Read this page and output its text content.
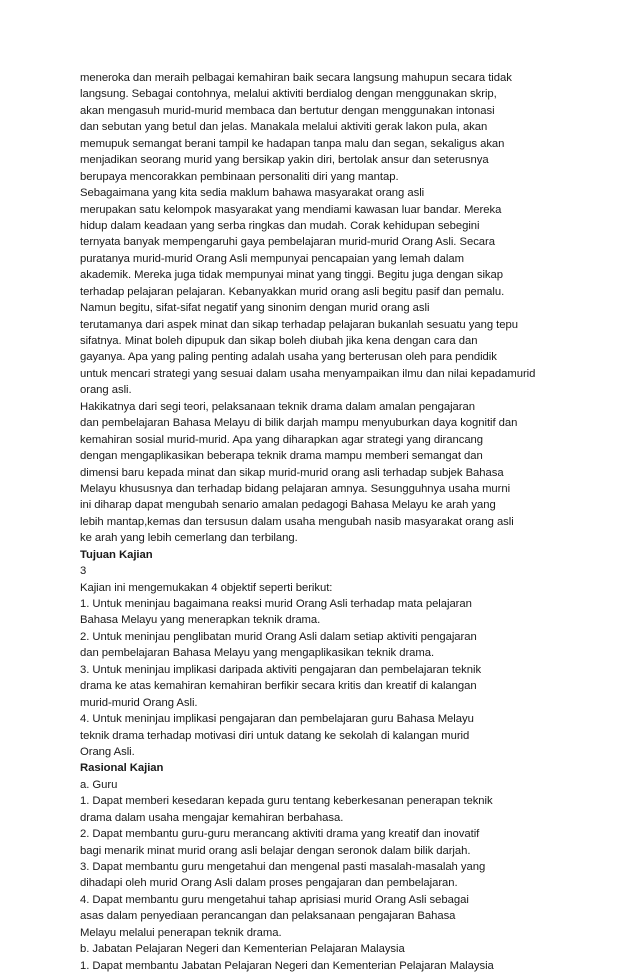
meneroka dan meraih pelbagai kemahiran baik secara langsung mahupun secara tidak
langsung. Sebagai contohnya, melalui aktiviti berdialog dengan menggunakan skrip,
akan mengasuh murid-murid membaca dan bertutur dengan menggunakan intonasi
dan sebutan yang betul dan jelas. Manakala melalui aktiviti gerak lakon pula, akan
memupuk semangat berani tampil ke hadapan tanpa malu dan segan, sekaligus akan
menjadikan seorang murid yang bersikap yakin diri, bertolak ansur dan seterusnya
berupaya mencorakkan pembinaan personaliti diri yang mantap.
Sebagaimana yang kita sedia maklum bahawa masyarakat orang asli
merupakan satu kelompok masyarakat yang mendiami kawasan luar bandar. Mereka
hidup dalam keadaan yang serba ringkas dan mudah. Corak kehidupan sebegini
ternyata banyak mempengaruhi gaya pembelajaran murid-murid Orang Asli. Secara
puratanya murid-murid Orang Asli mempunyai pencapaian yang lemah dalam
akademik. Mereka juga tidak mempunyai minat yang tinggi. Begitu juga dengan sikap
terhadap pelajaran pelajaran. Kebanyakkan murid orang asli begitu pasif dan pemalu.
Namun begitu, sifat-sifat negatif yang sinonim dengan murid orang asli
terutamanya dari aspek minat dan sikap terhadap pelajaran bukanlah sesuatu yang tepu
sifatnya. Minat boleh dipupuk dan sikap boleh diubah jika kena dengan cara dan
gayanya. Apa yang paling penting adalah usaha yang berterusan oleh para pendidik
untuk mencari strategi yang sesuai dalam usaha menyampaikan ilmu dan nilai kepadamurid
orang asli.
Hakikatnya dari segi teori, pelaksanaan teknik drama dalam amalan pengajaran
dan pembelajaran Bahasa Melayu di bilik darjah mampu menyuburkan daya kognitif dan
kemahiran sosial murid-murid. Apa yang diharapkan agar strategi yang dirancang
dengan mengaplikasikan beberapa teknik drama mampu memberi semangat dan
dimensi baru kepada minat dan sikap murid-murid orang asli terhadap subjek Bahasa
Melayu khususnya dan terhadap bidang pelajaran amnya. Sesungguhnya usaha murni
ini diharap dapat mengubah senario amalan pedagogi Bahasa Melayu ke arah yang
lebih mantap,kemas dan tersusun dalam usaha mengubah nasib masyarakat orang asli
ke arah yang lebih cemerlang dan terbilang.
Tujuan Kajian
3
Kajian ini mengemukakan 4 objektif seperti berikut:
1. Untuk meninjau bagaimana reaksi murid Orang Asli terhadap mata pelajaran
Bahasa Melayu yang menerapkan teknik drama.
2. Untuk meninjau penglibatan murid Orang Asli dalam setiap aktiviti pengajaran
dan pembelajaran Bahasa Melayu yang mengaplikasikan teknik drama.
3. Untuk meninjau implikasi daripada aktiviti pengajaran dan pembelajaran teknik
drama ke atas kemahiran kemahiran berfikir secara kritis dan kreatif di kalangan
murid-murid Orang Asli.
4. Untuk meninjau implikasi pengajaran dan pembelajaran guru Bahasa Melayu
teknik drama terhadap motivasi diri untuk datang ke sekolah di kalangan murid
Orang Asli.
Rasional Kajian
a. Guru
1. Dapat memberi kesedaran kepada guru tentang keberkesanan penerapan teknik
drama dalam usaha mengajar kemahiran berbahasa.
2. Dapat membantu guru-guru merancang aktiviti drama yang kreatif dan inovatif
bagi menarik minat murid orang asli belajar dengan seronok dalam bilik darjah.
3. Dapat membantu guru mengetahui dan mengenal pasti masalah-masalah yang
dihadapi oleh murid Orang Asli dalam proses pengajaran dan pembelajaran.
4. Dapat membantu guru mengetahui tahap aprisiasi murid Orang Asli sebagai
asas dalam penyediaan perancangan dan pelaksanaan pengajaran Bahasa
Melayu melalui penerapan teknik drama.
b. Jabatan Pelajaran Negeri dan Kementerian Pelajaran Malaysia
1. Dapat membantu Jabatan Pelajaran Negeri dan Kementerian Pelajaran Malaysia
